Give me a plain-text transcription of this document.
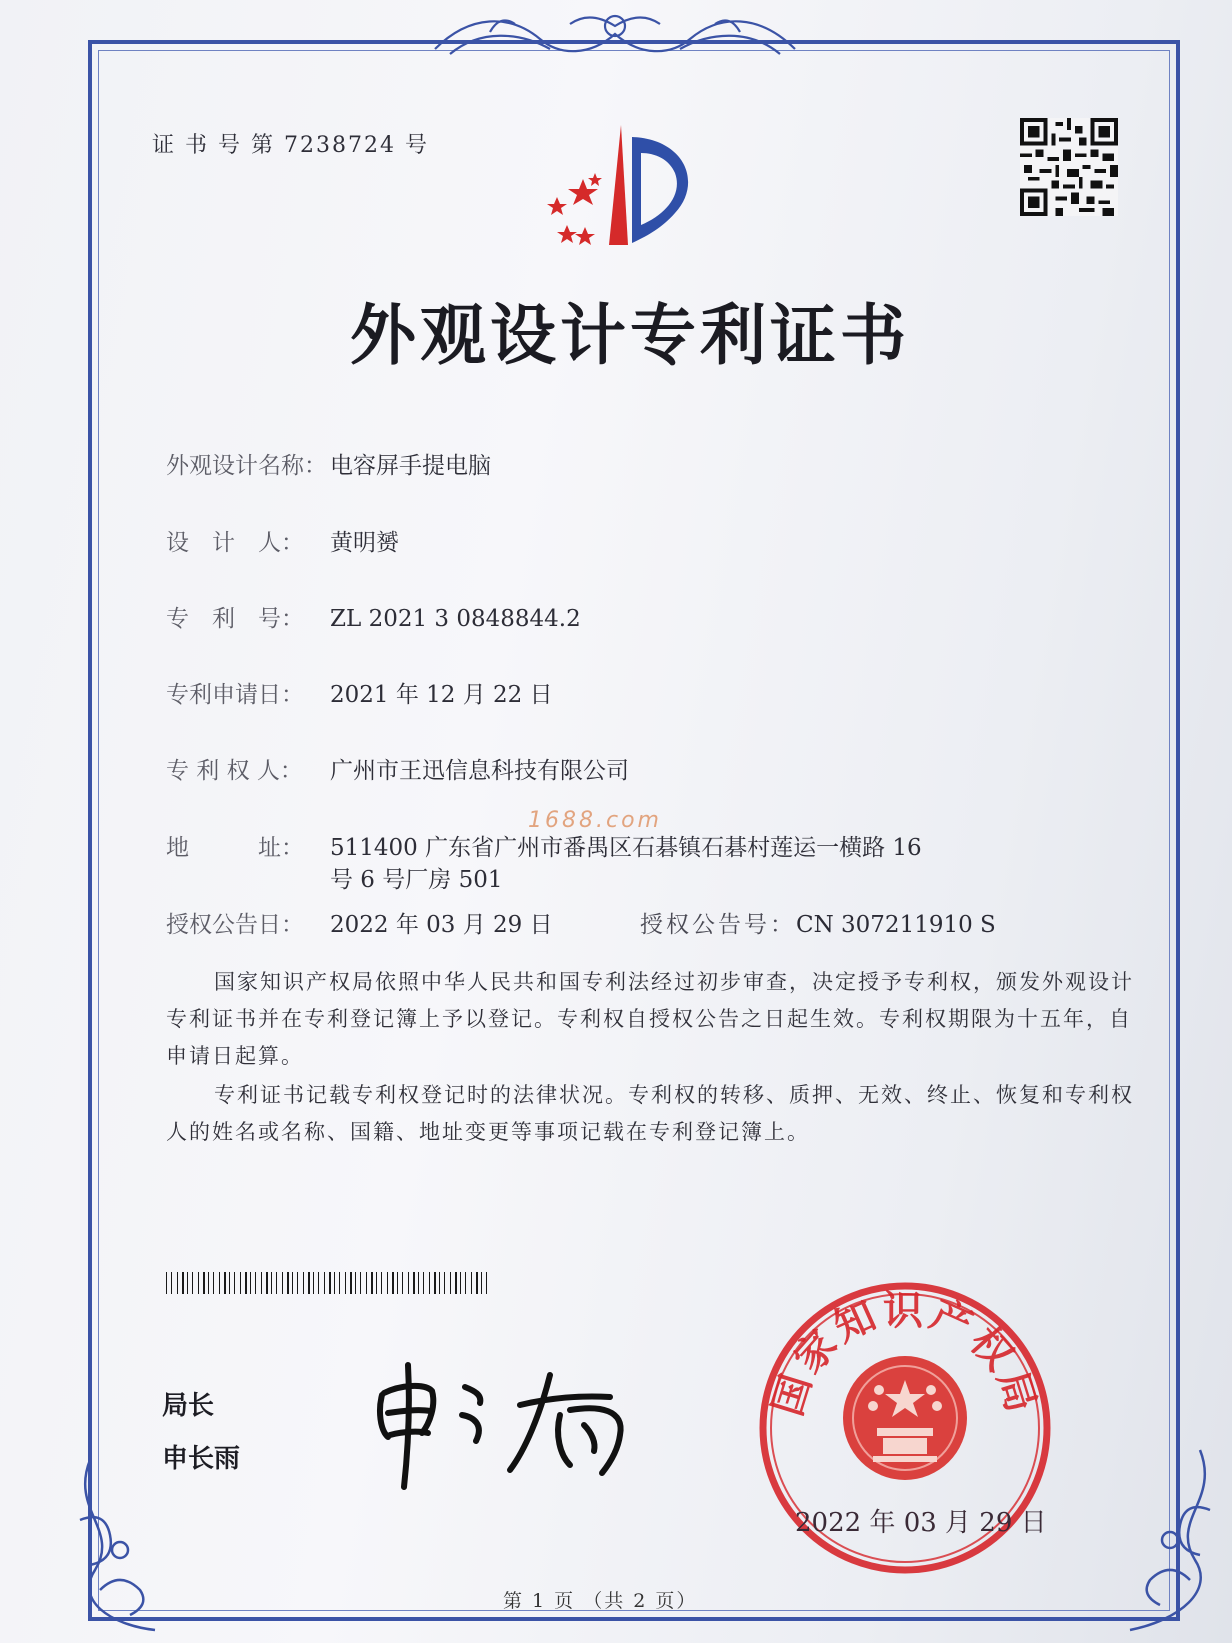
证 书 号 第 7238724 号
外观设计专利证书
外观设计名称： 电容屏手提电脑
设　计　人： 黄明赟
专　利　号： ZL 2021 3 0848844.2
专利申请日： 2021 年 12 月 22 日
专 利 权 人： 广州市王迅信息科技有限公司
1688.com
地　　　址： 511400 广东省广州市番禺区石碁镇石碁村莲运一横路 16
号 6 号厂房 501
授权公告日： 2022 年 03 月 29 日	授权公告号：CN 307211910 S
国家知识产权局依照中华人民共和国专利法经过初步审查，决定授予专利权，颁发外观设计专利证书并在专利登记簿上予以登记。专利权自授权公告之日起生效。专利权期限为十五年，自申请日起算。
专利证书记载专利权登记时的法律状况。专利权的转移、质押、无效、终止、恢复和专利权人的姓名或名称、国籍、地址变更等事项记载在专利登记簿上。
局长
申长雨
国家知识产权局
2022 年 03 月 29 日
第 1 页 （共 2 页）
